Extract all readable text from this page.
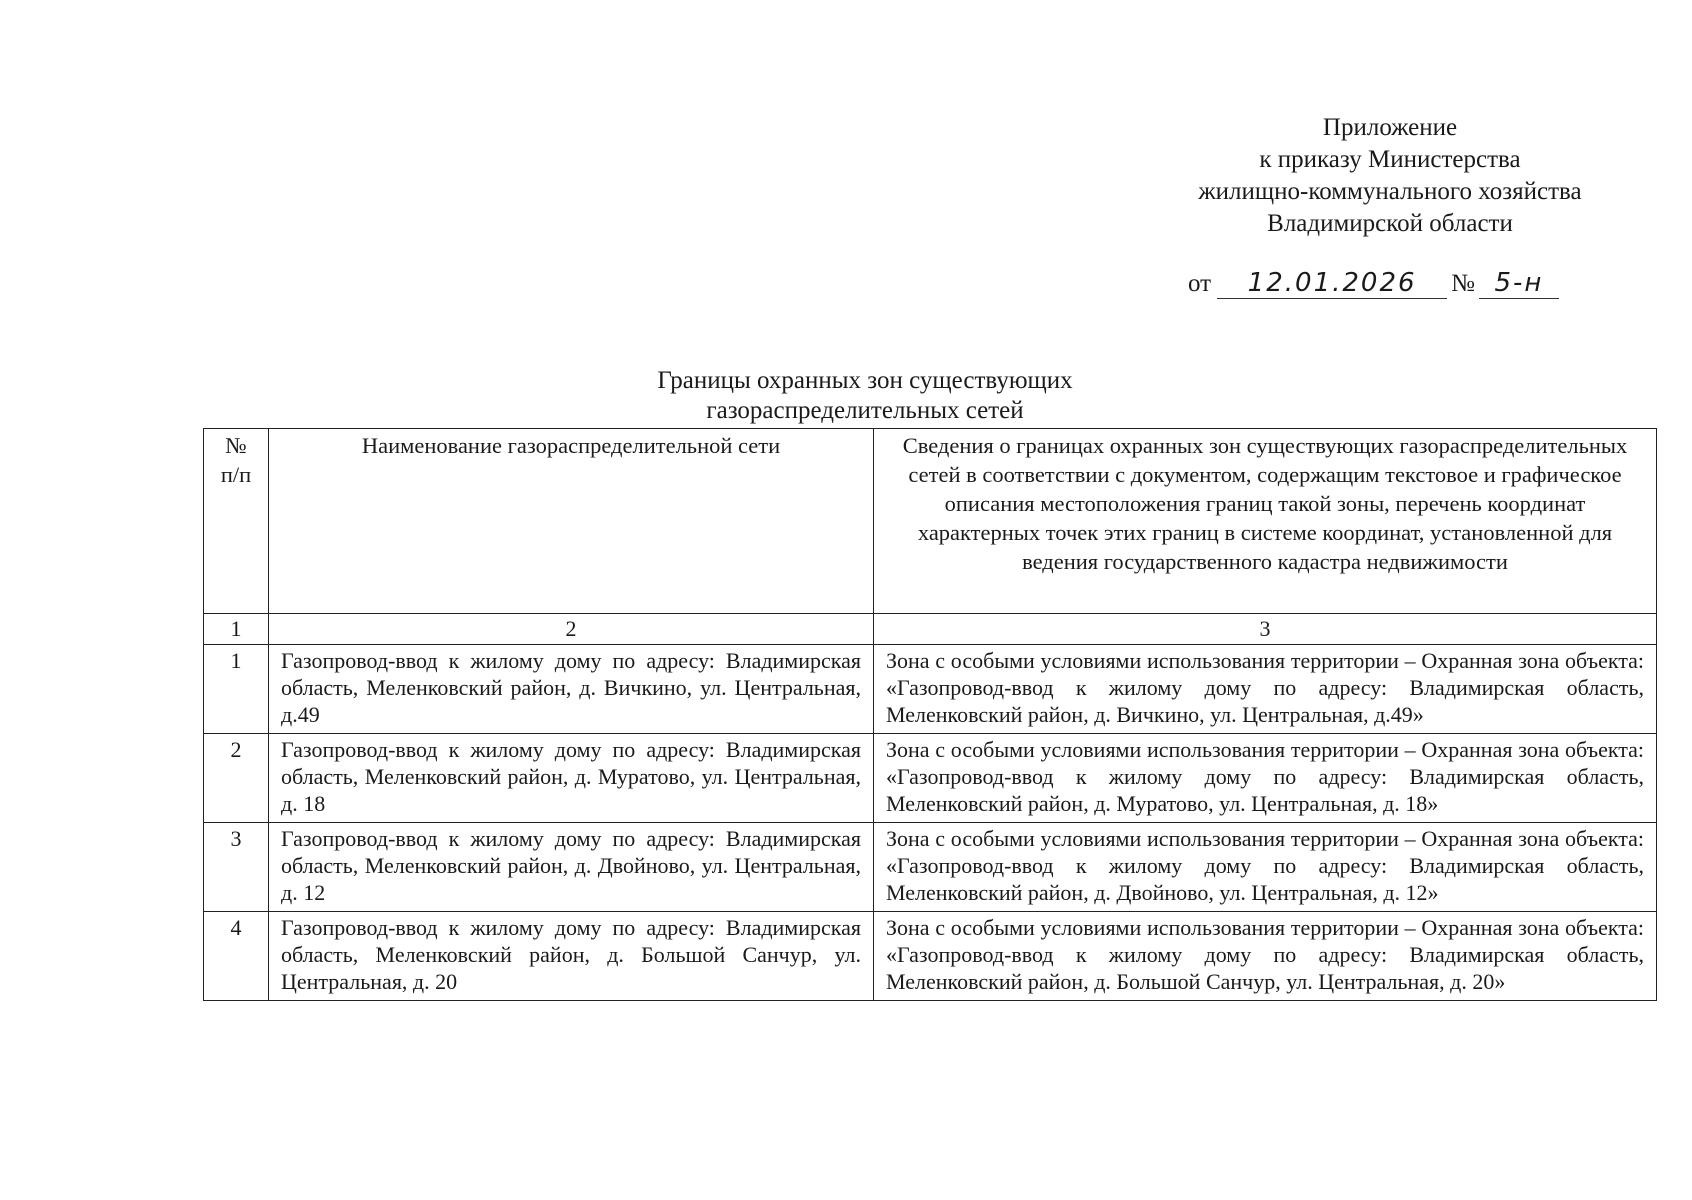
Приложение
к приказу Министерства
жилищно-коммунального хозяйства
Владимирской области
от 12.01.2026 № 5-н
Границы охранных зон существующих
газораспределительных сетей
№ п/п	Наименование газораспределительной сети	Сведения о границах охранных зон существующих газораспределительных сетей в соответствии с документом, содержащим текстовое и графическое описания местоположения границ такой зоны, перечень координат характерных точек этих границ в системе координат, установленной для ведения государственного кадастра недвижимости
1	2	3
1	Газопровод-ввод к жилому дому по адресу: Владимирская область, Меленковский район, д. Вичкино, ул. Центральная, д.49	Зона с особыми условиями использования территории – Охранная зона объекта: «Газопровод-ввод к жилому дому по адресу: Владимирская область, Меленковский район, д. Вичкино, ул. Центральная, д.49»
2	Газопровод-ввод к жилому дому по адресу: Владимирская область, Меленковский район, д. Муратово, ул. Центральная, д. 18	Зона с особыми условиями использования территории – Охранная зона объекта: «Газопровод-ввод к жилому дому по адресу: Владимирская область, Меленковский район, д. Муратово, ул. Центральная, д. 18»
3	Газопровод-ввод к жилому дому по адресу: Владимирская область, Меленковский район, д. Двойново, ул. Центральная, д. 12	Зона с особыми условиями использования территории – Охранная зона объекта: «Газопровод-ввод к жилому дому по адресу: Владимирская область, Меленковский район, д. Двойново, ул. Центральная, д. 12»
4	Газопровод-ввод к жилому дому по адресу: Владимирская область, Меленковский район, д. Большой Санчур, ул. Центральная, д. 20	Зона с особыми условиями использования территории – Охранная зона объекта: «Газопровод-ввод к жилому дому по адресу: Владимирская область, Меленковский район, д. Большой Санчур, ул. Центральная, д. 20»
